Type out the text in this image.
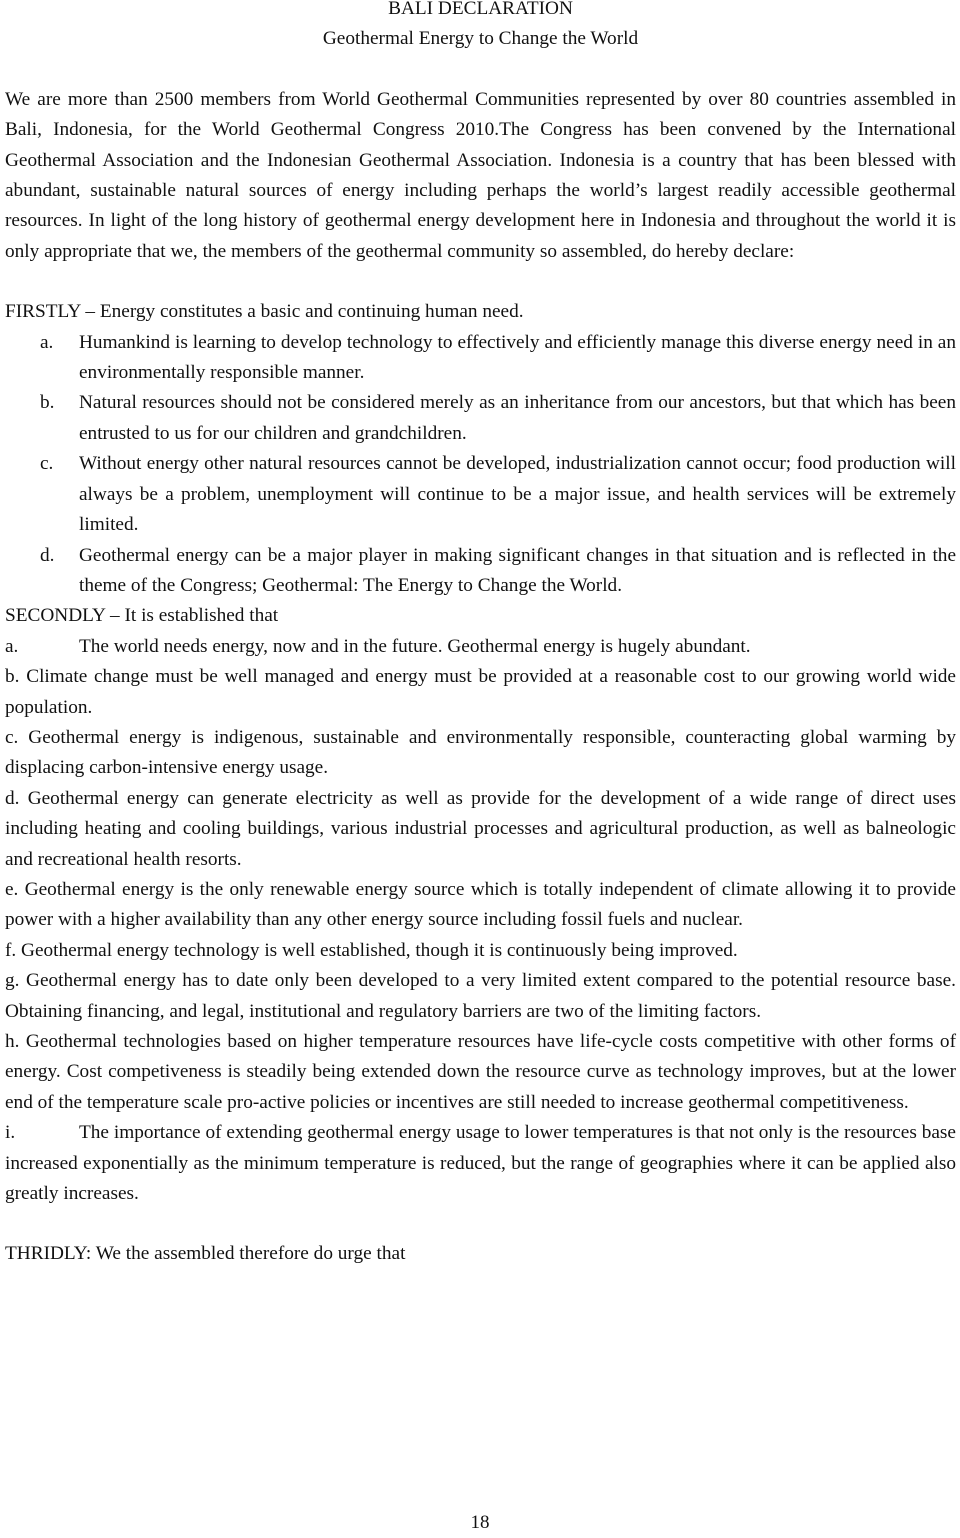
BALI DECLARATION
Geothermal Energy to Change the World

We are more than 2500 members from World Geothermal Communities represented by over 80 countries assembled in Bali, Indonesia, for the World Geothermal Congress 2010.The Congress has been convened by the International Geothermal Association and the Indonesian Geothermal Association. Indonesia is a country that has been blessed with abundant, sustainable natural sources of energy including perhaps the world’s largest readily accessible geothermal resources. In light of the long history of geothermal energy development here in Indonesia and throughout the world it is only appropriate that we, the members of the geothermal community so assembled, do hereby declare:

FIRSTLY – Energy constitutes a basic and continuing human need.

a.	Humankind is learning to develop technology to effectively and efficiently manage this diverse energy need in an environmentally responsible manner.
b.	Natural resources should not be considered merely as an inheritance from our ancestors, but that which has been entrusted to us for our children and grandchildren.
c.	Without energy other natural resources cannot be developed, industrialization cannot occur; food production will always be a problem, unemployment will continue to be a major issue, and health services will be extremely limited.
d.	Geothermal energy can be a major player in making significant changes in that situation and is reflected in the theme of the Congress; Geothermal: The Energy to Change the World.

SECONDLY – It is established that

a.	The world needs energy, now and in the future. Geothermal energy is hugely abundant.

b. Climate change must be well managed and energy must be provided at a reasonable cost to our growing world wide population.

c. Geothermal energy is indigenous, sustainable and environmentally responsible, counteracting global warming by displacing carbon-intensive energy usage.

d. Geothermal energy can generate electricity as well as provide for the development of a wide range of direct uses including heating and cooling buildings, various industrial processes and agricultural production, as well as balneologic and recreational health resorts.

e. Geothermal energy is the only renewable energy source which is totally independent of climate allowing it to provide power with a higher availability than any other energy source including fossil fuels and nuclear.

f. Geothermal energy technology is well established, though it is continuously being improved.

g. Geothermal energy has to date only been developed to a very limited extent compared to the potential resource base. Obtaining financing, and legal, institutional and regulatory barriers are two of the limiting factors.

h. Geothermal technologies based on higher temperature resources have life-cycle costs competitive with other forms of energy. Cost competiveness is steadily being extended down the resource curve as technology improves, but at the lower end of the temperature scale pro-active policies or incentives are still needed to increase geothermal competitiveness.

i.	The importance of extending geothermal energy usage to lower temperatures is that not only is the resources base increased exponentially as the minimum temperature is reduced, but the range of geographies where it can be applied also greatly increases.

THRIDLY: We the assembled therefore do urge that

18
